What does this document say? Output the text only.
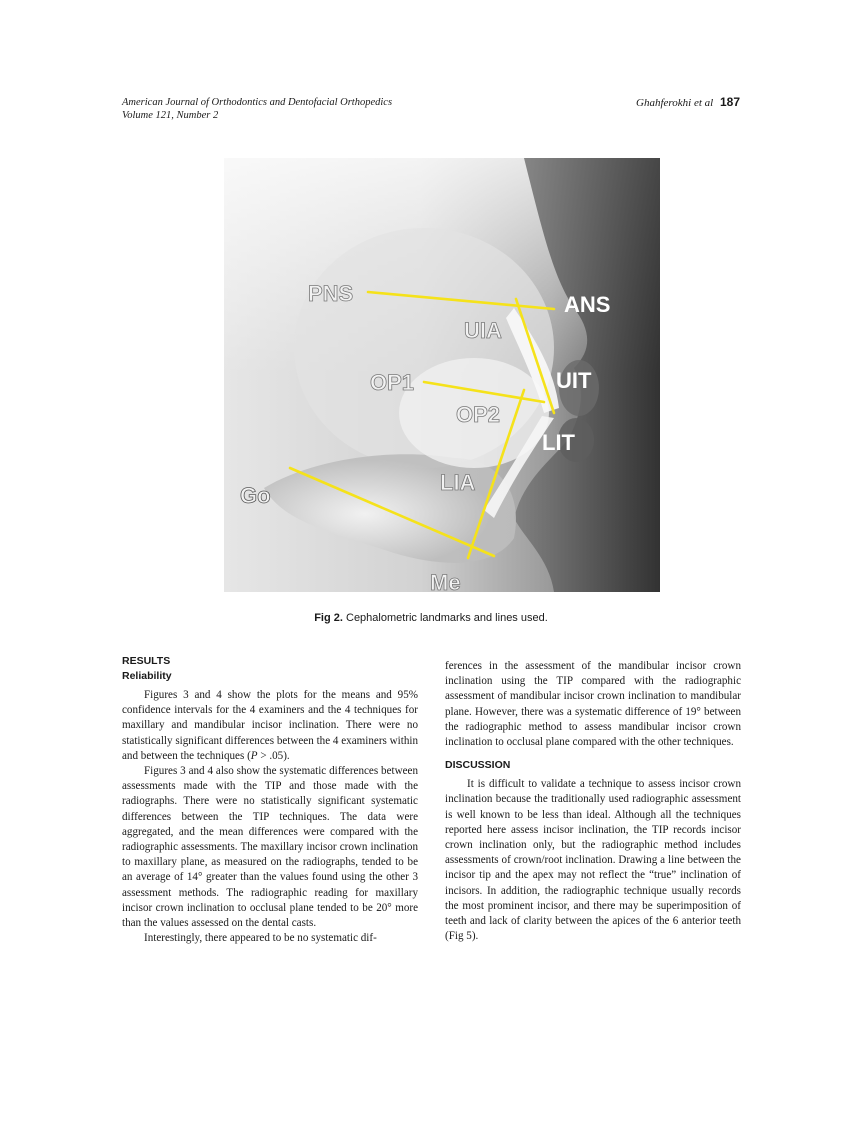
American Journal of Orthodontics and Dentofacial Orthopedics
Volume 121, Number 2
Ghahferokhi et al 187
PNS	ANS
UIA
OP1	UIT
OP2
LIT
LIA
Go
Me
Fig 2. Cephalometric landmarks and lines used.
RESULTS
Reliability

Figures 3 and 4 show the plots for the means and 95% confidence intervals for the 4 examiners and the 4 techniques for maxillary and mandibular incisor inclination. There were no statistically significant differences between the 4 examiners within and between the techniques (P > .05).

Figures 3 and 4 also show the systematic differences between assessments made with the TIP and those made with the radiographs. There were no statistically significant systematic differences between the TIP techniques. The data were aggregated, and the mean differences were compared with the radiographic assessments. The maxillary incisor crown inclination to maxillary plane, as measured on the radiographs, tended to be an average of 14° greater than the values found using the other 3 assessment methods. The radiographic reading for maxillary incisor crown inclination to occlusal plane tended to be 20° more than the values assessed on the dental casts.

Interestingly, there appeared to be no systematic dif-

ferences in the assessment of the mandibular incisor crown inclination using the TIP compared with the radiographic assessment of mandibular incisor crown inclination to mandibular plane. However, there was a systematic difference of 19° between the radiographic method to assess mandibular incisor crown inclination to occlusal plane compared with the other techniques.

DISCUSSION

It is difficult to validate a technique to assess incisor crown inclination because the traditionally used radiographic assessment is well known to be less than ideal. Although all the techniques reported here assess incisor inclination, the TIP records incisor crown inclination only, but the radiographic method includes assessments of crown/root inclination. Drawing a line between the incisor tip and the apex may not reflect the “true” inclination of incisors. In addition, the radiographic technique usually records the most prominent incisor, and there may be superimposition of teeth and lack of clarity between the apices of the 6 anterior teeth (Fig 5).
